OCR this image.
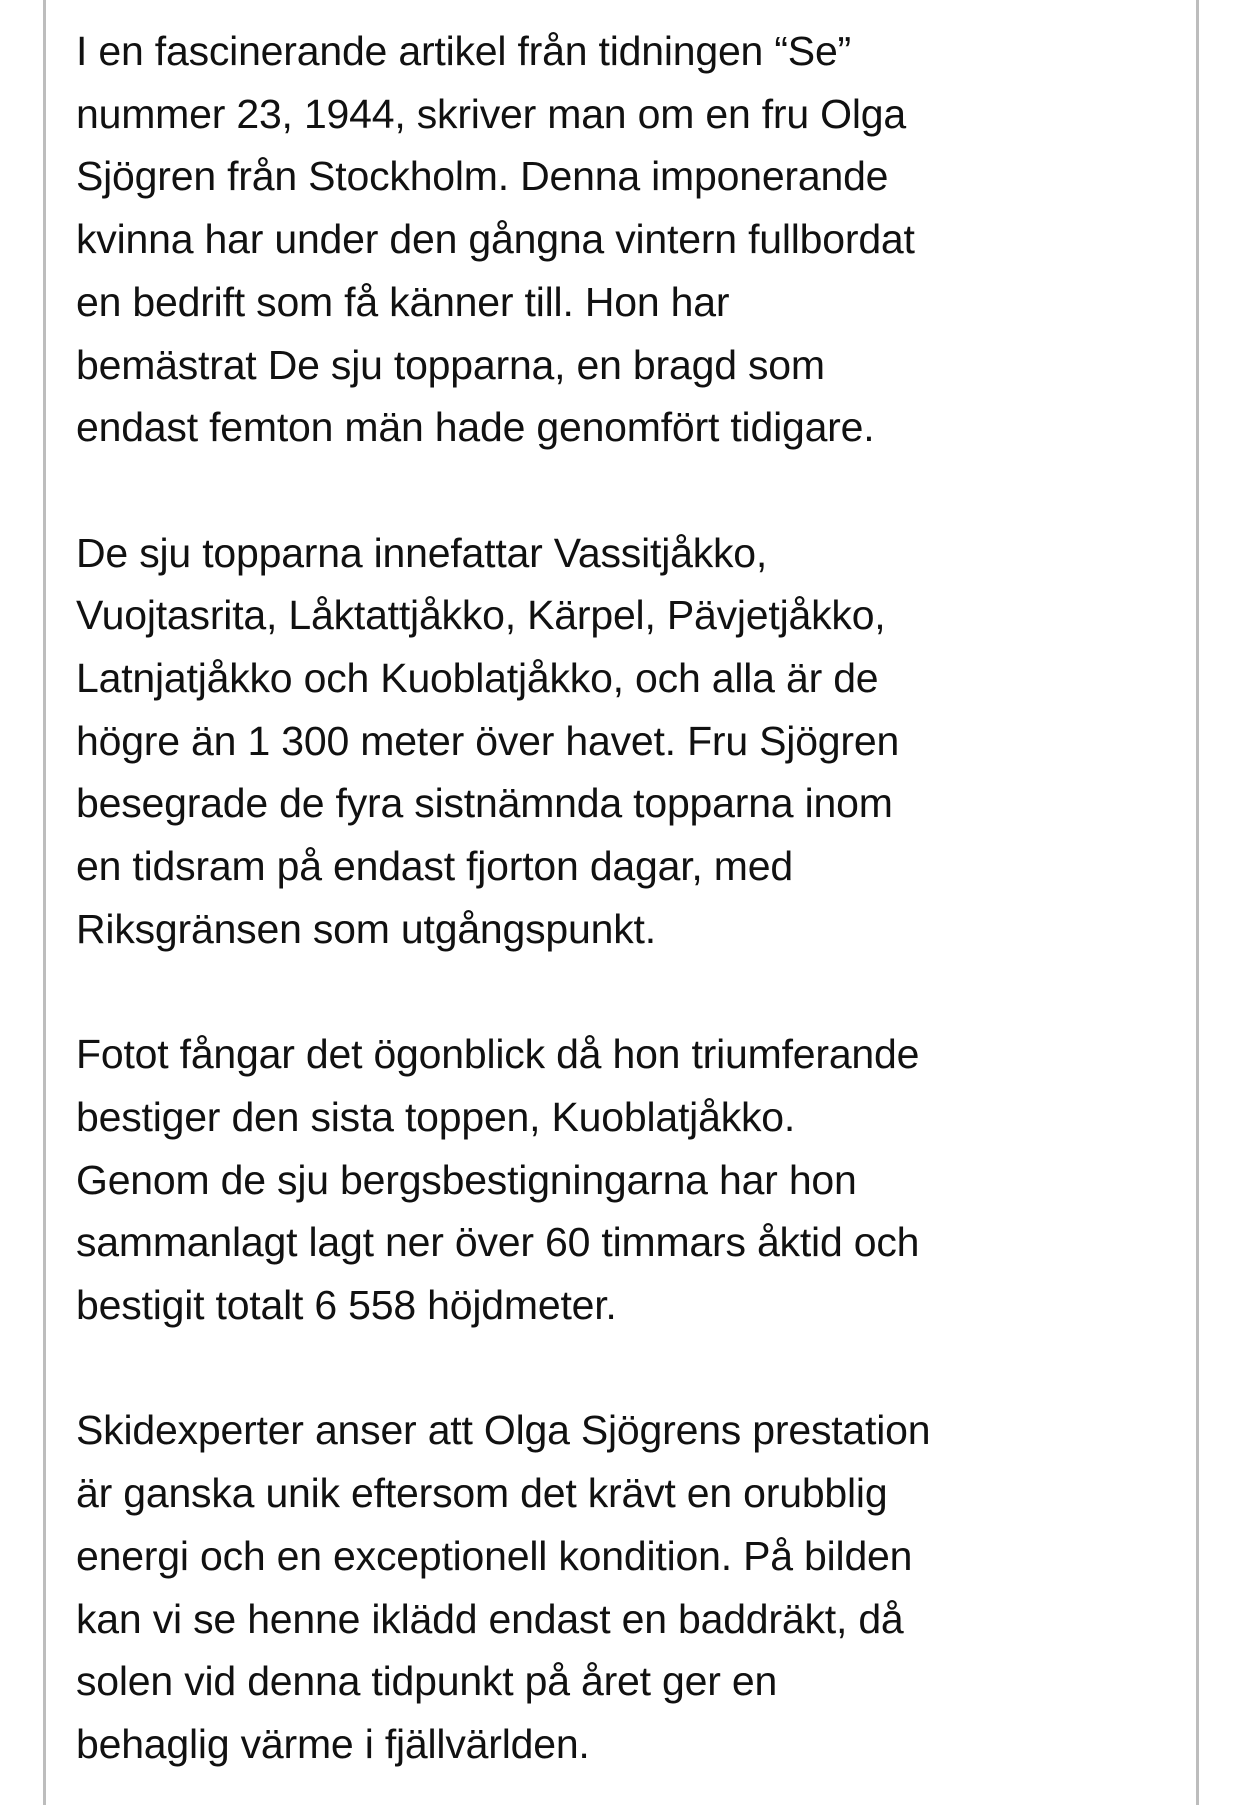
I en fascinerande artikel från tidningen “Se”
nummer 23, 1944, skriver man om en fru Olga
Sjögren från Stockholm. Denna imponerande
kvinna har under den gångna vintern fullbordat
en bedrift som få känner till. Hon har
bemästrat De sju topparna, en bragd som
endast femton män hade genomfört tidigare.

De sju topparna innefattar Vassitjåkko,
Vuojtasrita, Låktattjåkko, Kärpel, Pävjetjåkko,
Latnjatjåkko och Kuoblatjåkko, och alla är de
högre än 1 300 meter över havet. Fru Sjögren
besegrade de fyra sistnämnda topparna inom
en tidsram på endast fjorton dagar, med
Riksgränsen som utgångspunkt.

Fotot fångar det ögonblick då hon triumferande
bestiger den sista toppen, Kuoblatjåkko.
Genom de sju bergsbestigningarna har hon
sammanlagt lagt ner över 60 timmars åktid och
bestigit totalt 6 558 höjdmeter.

Skidexperter anser att Olga Sjögrens prestation
är ganska unik eftersom det krävt en orubblig
energi och en exceptionell kondition. På bilden
kan vi se henne iklädd endast en baddräkt, då
solen vid denna tidpunkt på året ger en
behaglig värme i fjällvärlden.
